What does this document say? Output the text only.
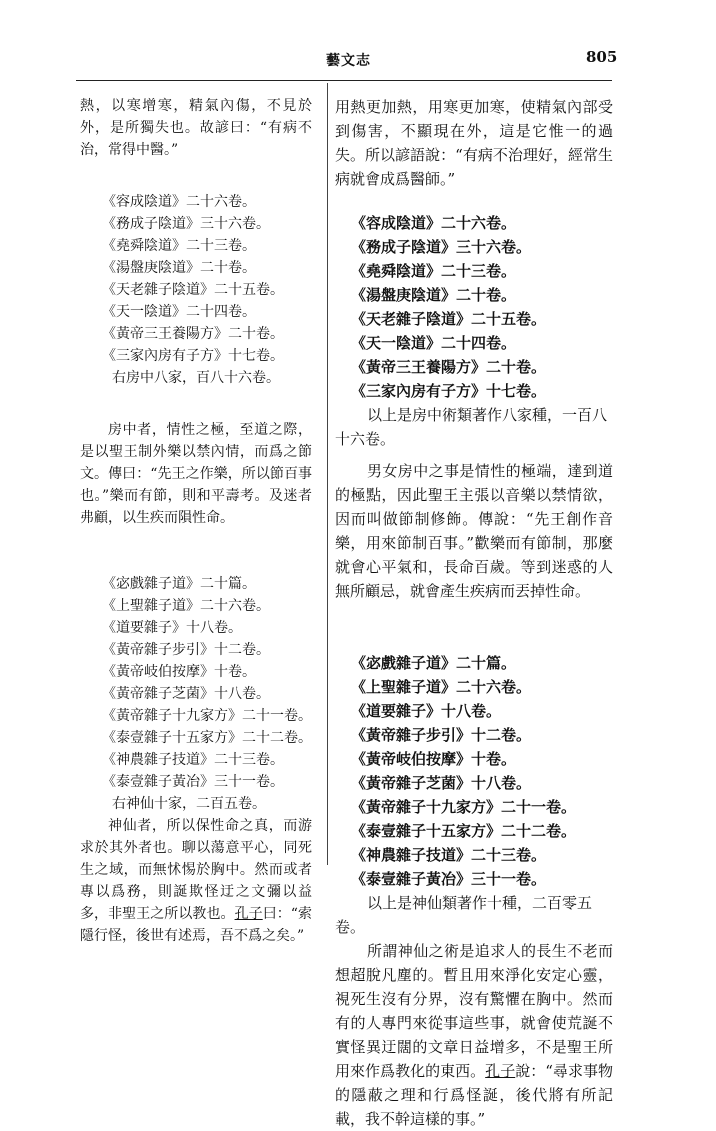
藝文志	805

熱，以寒增寒，精氣內傷，不見於外，是所獨失也。故諺曰：“有病不治，常得中醫。”

《容成陰道》二十六卷。
《務成子陰道》三十六卷。
《堯舜陰道》二十三卷。
《湯盤庚陰道》二十卷。
《天老雜子陰道》二十五卷。
《天一陰道》二十四卷。
《黃帝三王養陽方》二十卷。
《三家內房有子方》十七卷。
右房中八家，百八十六卷。

房中者，情性之極，至道之際，是以聖王制外樂以禁內情，而爲之節文。傳曰：“先王之作樂，所以節百事也。”樂而有節，則和平壽考。及迷者弗顧，以生疾而隕性命。

《宓戲雜子道》二十篇。
《上聖雜子道》二十六卷。
《道要雜子》十八卷。
《黃帝雜子步引》十二卷。
《黃帝岐伯按摩》十卷。
《黃帝雜子芝菌》十八卷。
《黃帝雜子十九家方》二十一卷。
《泰壹雜子十五家方》二十二卷。
《神農雜子技道》二十三卷。
《泰壹雜子黃冶》三十一卷。
右神仙十家，二百五卷。

神仙者，所以保性命之真，而游求於其外者也。聊以蕩意平心，同死生之域，而無怵惕於胸中。然而或者專以爲務，則誕欺怪迂之文彌以益多，非聖王之所以教也。孔子曰：“索隱行怪，後世有述焉，吾不爲之矣。”

用熱更加熱，用寒更加寒，使精氣內部受到傷害，不顯現在外，這是它惟一的過失。所以諺語說：“有病不治理好，經常生病就會成爲醫師。”

《容成陰道》二十六卷。
《務成子陰道》三十六卷。
《堯舜陰道》二十三卷。
《湯盤庚陰道》二十卷。
《天老雜子陰道》二十五卷。
《天一陰道》二十四卷。
《黃帝三王養陽方》二十卷。
《三家內房有子方》十七卷。

以上是房中術類著作八家種，一百八十六卷。

男女房中之事是情性的極端，達到道的極點，因此聖王主張以音樂以禁情欲，因而叫做節制修飾。傳說：“先王創作音樂，用來節制百事。”歡樂而有節制，那麼就會心平氣和，長命百歲。等到迷惑的人無所顧忌，就會產生疾病而丟掉性命。

《宓戲雜子道》二十篇。
《上聖雜子道》二十六卷。
《道要雜子》十八卷。
《黃帝雜子步引》十二卷。
《黃帝岐伯按摩》十卷。
《黃帝雜子芝菌》十八卷。
《黃帝雜子十九家方》二十一卷。
《泰壹雜子十五家方》二十二卷。
《神農雜子技道》二十三卷。
《泰壹雜子黃冶》三十一卷。

以上是神仙類著作十種，二百零五卷。

所謂神仙之術是追求人的長生不老而想超脫凡塵的。暫且用來淨化安定心靈，視死生沒有分界，沒有驚懼在胸中。然而有的人專門來從事這些事，就會使荒誕不實怪異迂闊的文章日益增多，不是聖王所用來作爲教化的東西。孔子說：“尋求事物的隱蔽之理和行爲怪誕，後代將有所記載，我不幹這樣的事。”
